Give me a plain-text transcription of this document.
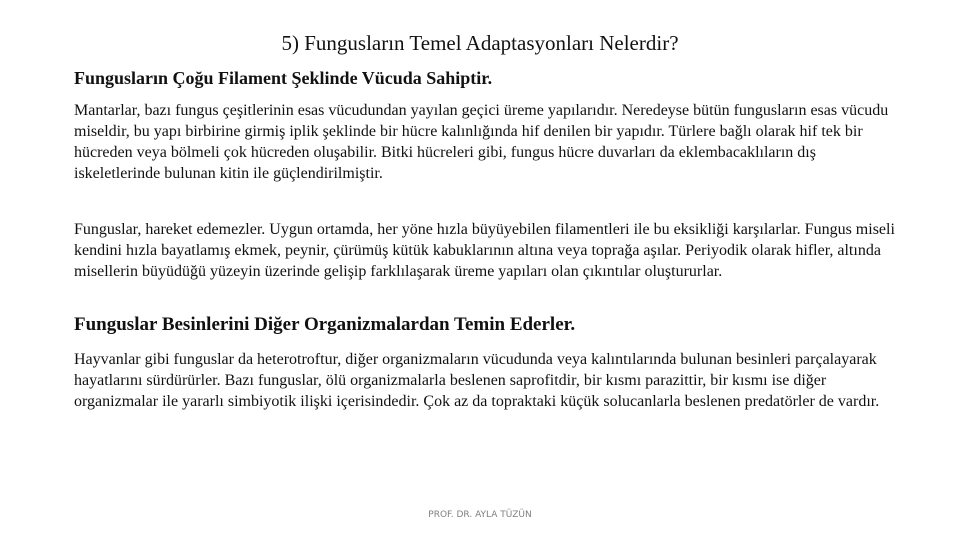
5) Fungusların Temel Adaptasyonları Nelerdir?
Fungusların Çoğu Filament Şeklinde Vücuda Sahiptir.

Mantarlar, bazı fungus çeşitlerinin esas vücudundan yayılan geçici üreme yapılarıdır. Neredeyse bütün fungusların esas vücudu miseldir, bu yapı birbirine girmiş iplik şeklinde bir hücre kalınlığında hif denilen bir yapıdır. Türlere bağlı olarak hif tek bir hücreden veya bölmeli çok hücreden oluşabilir. Bitki hücreleri gibi, fungus hücre duvarları da eklembacaklıların dış iskeletlerinde bulunan kitin ile güçlendirilmiştir.

Funguslar, hareket edemezler. Uygun ortamda, her yöne hızla büyüyebilen filamentleri ile bu eksikliği karşılarlar. Fungus miseli kendini hızla bayatlamış ekmek, peynir, çürümüş kütük kabuklarının altına veya toprağa aşılar. Periyodik olarak hifler, altında misellerin büyüdüğü yüzeyin üzerinde gelişip farklılaşarak üreme yapıları olan çıkıntılar oluştururlar.

Funguslar Besinlerini Diğer Organizmalardan Temin Ederler.

Hayvanlar gibi funguslar da heterotroftur, diğer organizmaların vücudunda veya kalıntılarında bulunan besinleri parçalayarak hayatlarını sürdürürler. Bazı funguslar, ölü organizmalarla beslenen saprofitdir, bir kısmı parazittir, bir kısmı ise diğer organizmalar ile yararlı simbiyotik ilişki içerisindedir. Çok az da topraktaki küçük solucanlarla beslenen predatörler de vardır.

PROF. DR. AYLA TÜZÜN
